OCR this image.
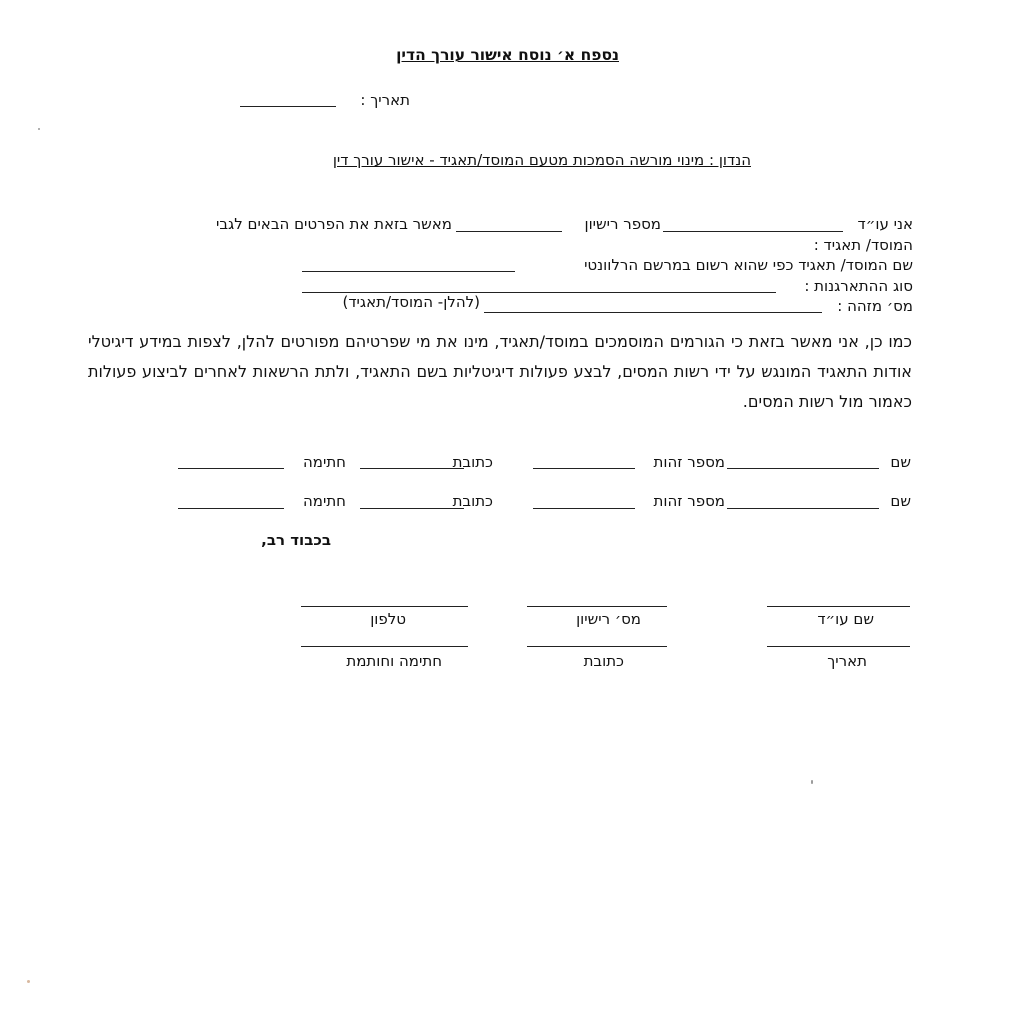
נספח א׳ נוסח אישור עורך הדין
תאריך :
הנדון : מינוי מורשה הסמכות מטעם המוסד/תאגיד - אישור עורך דין
אני עו״ד
מספר רישיון
מאשר בזאת את הפרטים הבאים לגבי
המוסד/ תאגיד :
שם המוסד/ תאגיד כפי שהוא רשום במרשם הרלוונטי
סוג ההתארגנות :
מס׳ מזהה :
(להלן- המוסד/תאגיד)
כמו כן, אני מאשר בזאת כי הגורמים המוסמכים במוסד/תאגיד, מינו את מי שפרטיהם מפורטים להלן, לצפות במידע דיגיטלי אודות התאגיד המונגש על ידי רשות המסים, לבצע פעולות דיגיטליות בשם התאגיד, ולתת הרשאות לאחרים לביצוע פעולות כאמור מול רשות המסים.
שם
מספר זהות
כתובת
חתימה
שם
מספר זהות
כתובת
חתימה
בכבוד רב,
שם עו״ד
מס׳ רישיון
טלפון
תאריך
כתובת
חתימה וחותמת
